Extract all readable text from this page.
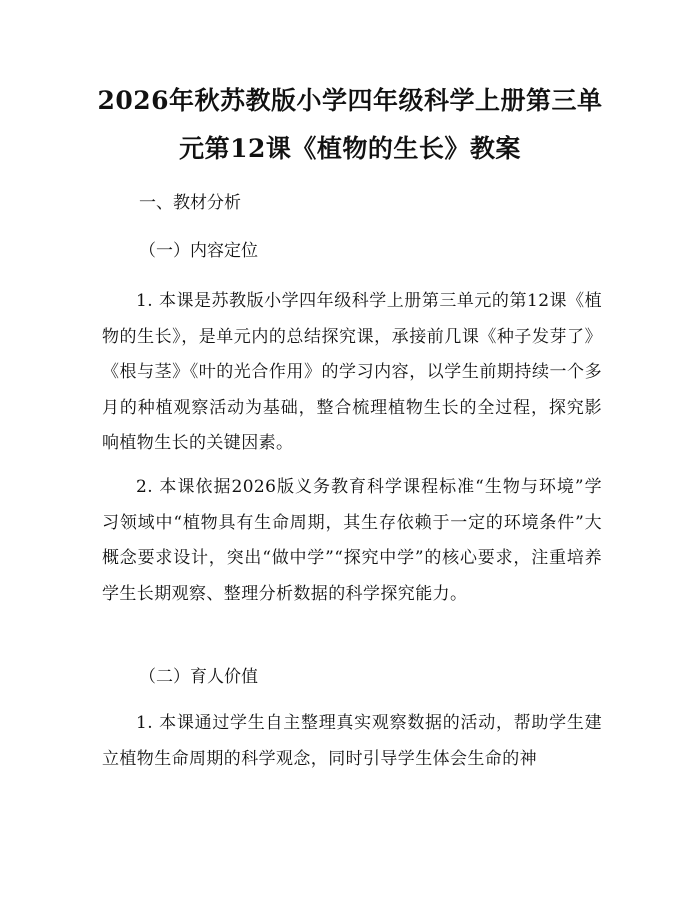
2026年秋苏教版小学四年级科学上册第三单
元第12课《植物的生长》教案
一、教材分析
（一）内容定位
1. 本课是苏教版小学四年级科学上册第三单元的第12课《植物的生长》，是单元内的总结探究课，承接前几课《种子发芽了》《根与茎》《叶的光合作用》的学习内容，以学生前期持续一个多月的种植观察活动为基础，整合梳理植物生长的全过程，探究影响植物生长的关键因素。
2. 本课依据2026版义务教育科学课程标准“生物与环境”学习领域中“植物具有生命周期，其生存依赖于一定的环境条件”大概念要求设计，突出“做中学”“探究中学”的核心要求，注重培养学生长期观察、整理分析数据的科学探究能力。
（二）育人价值
1. 本课通过学生自主整理真实观察数据的活动，帮助学生建立植物生命周期的科学观念，同时引导学生体会生命的神
